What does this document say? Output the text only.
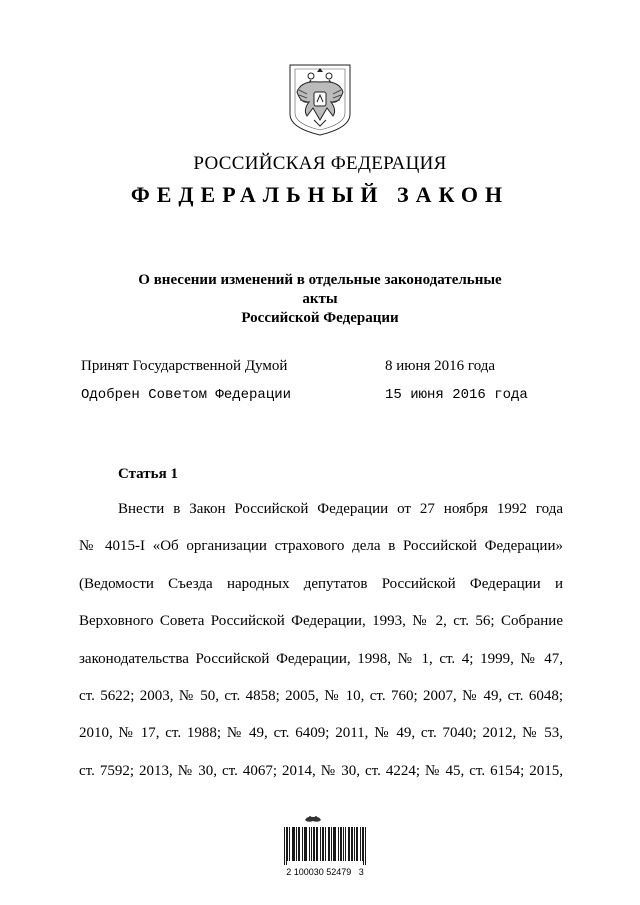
РОССИЙСКАЯ ФЕДЕРАЦИЯ
ФЕДЕРАЛЬНЫЙ ЗАКОН
О внесении изменений в отдельные законодательные акты
Российской Федерации
Принят Государственной Думой	8 июня 2016 года
Одобрен Советом Федерации	15 июня 2016 года
Статья 1
Внести в Закон Российской Федерации от 27 ноября 1992 года
№ 4015-I «Об организации страхового дела в Российской Федерации»
(Ведомости Съезда народных депутатов Российской Федерации и
Верховного Совета Российской Федерации, 1993, № 2, ст. 56; Собрание
законодательства Российской Федерации, 1998, № 1, ст. 4; 1999, № 47,
ст. 5622; 2003, № 50, ст. 4858; 2005, № 10, ст. 760; 2007, № 49, ст. 6048;
2010, № 17, ст. 1988; № 49, ст. 6409; 2011, № 49, ст. 7040; 2012, № 53,
ст. 7592; 2013, № 30, ст. 4067; 2014, № 30, ст. 4224; № 45, ст. 6154; 2015,
2 100030 52479   3
